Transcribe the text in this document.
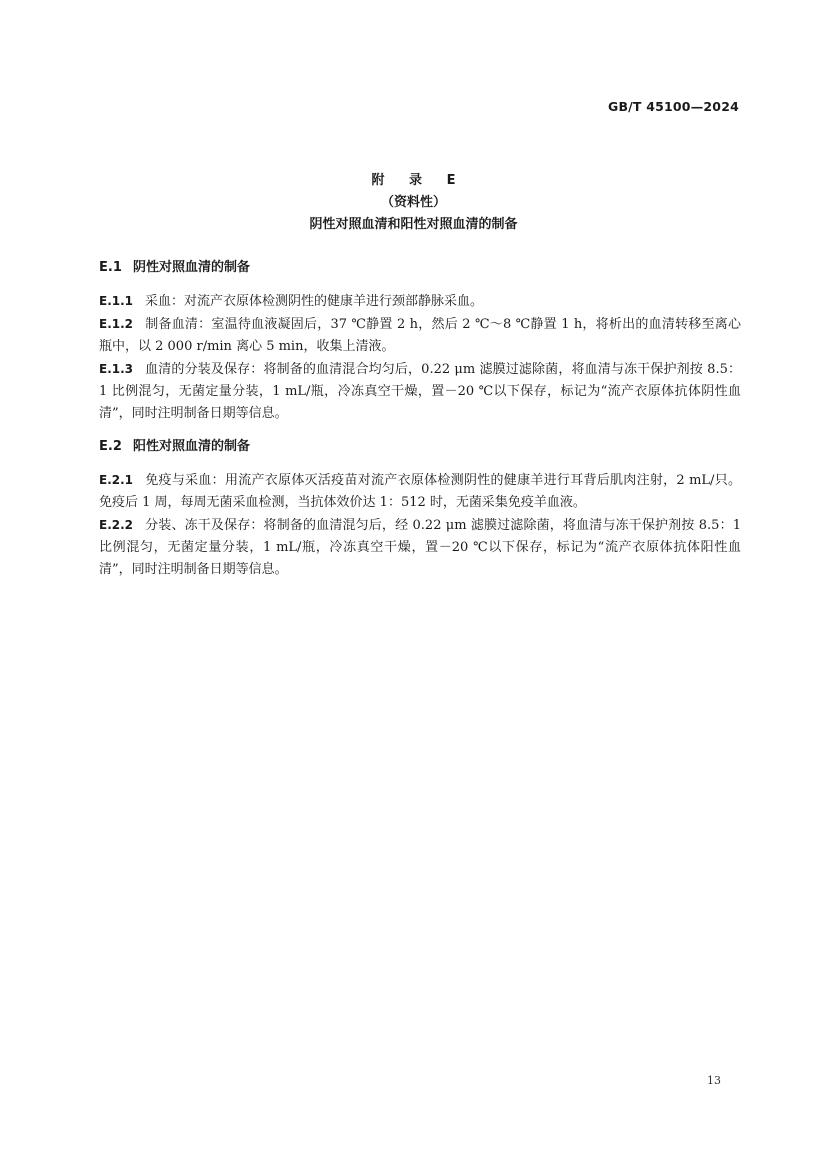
GB/T 45100—2024
附 录 E
（资料性）
阴性对照血清和阳性对照血清的制备
E.1 阴性对照血清的制备

E.1.1 采血：对流产衣原体检测阴性的健康羊进行颈部静脉采血。

E.1.2 制备血清：室温待血液凝固后，37 ℃静置 2 h，然后 2 ℃～8 ℃静置 1 h，将析出的血清转移至离心瓶中，以 2 000 r/min 离心 5 min，收集上清液。

E.1.3 血清的分装及保存：将制备的血清混合均匀后，0.22 μm 滤膜过滤除菌，将血清与冻干保护剂按 8.5：1 比例混匀，无菌定量分装，1 mL/瓶，冷冻真空干燥，置－20 ℃以下保存，标记为“流产衣原体抗体阴性血清”，同时注明制备日期等信息。

E.2 阳性对照血清的制备

E.2.1 免疫与采血：用流产衣原体灭活疫苗对流产衣原体检测阴性的健康羊进行耳背后肌肉注射，2 mL/只。免疫后 1 周，每周无菌采血检测，当抗体效价达 1：512 时，无菌采集免疫羊血液。

E.2.2 分装、冻干及保存：将制备的血清混匀后，经 0.22 μm 滤膜过滤除菌，将血清与冻干保护剂按 8.5：1 比例混匀，无菌定量分装，1 mL/瓶，冷冻真空干燥，置－20 ℃以下保存，标记为“流产衣原体抗体阳性血清”，同时注明制备日期等信息。

13
